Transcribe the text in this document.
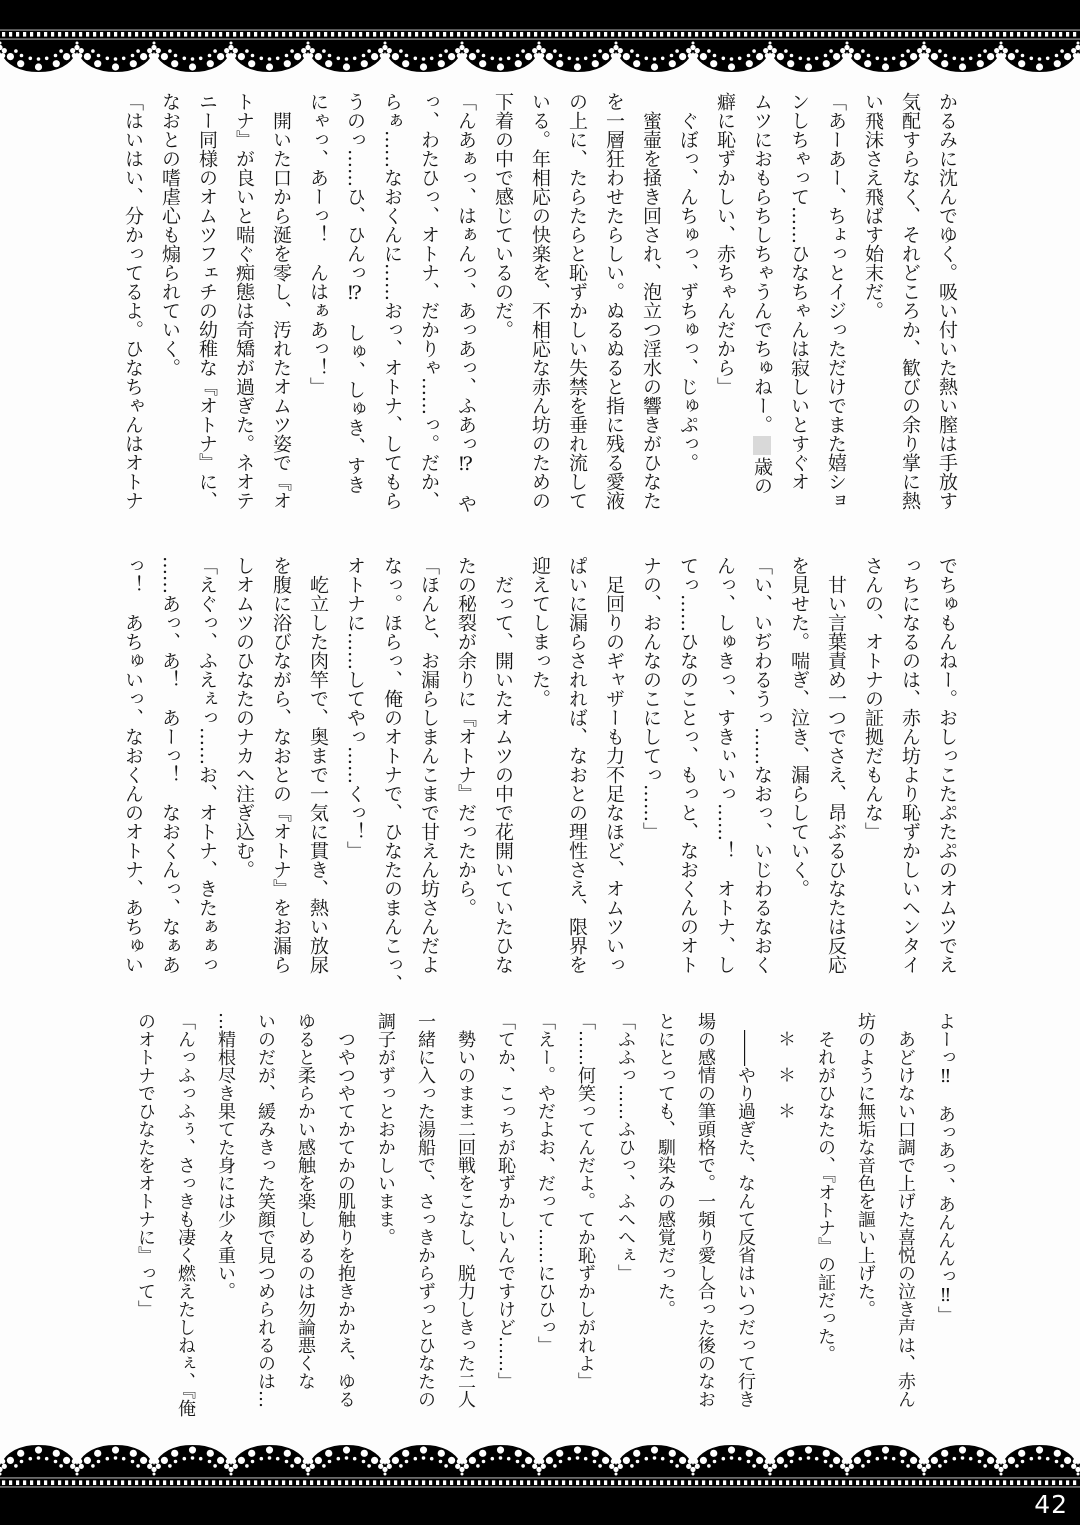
かるみに沈んでゆく。吸い付いた熱い膣は手放す

気配すらなく、それどころか、歓びの余り掌に熱

い飛沫さえ飛ばす始末だ。

「あーあー、ちょっとイジっただけでまた嬉ショ

ンしちゃって……ひなちゃんは寂しいとすぐオ

ムツにおもらちしちゃうんでちゅねー。歳の

癖に恥ずかしい、赤ちゃんだから」

　ぐぼっ、んちゅっ、ずちゅっ、じゅぷっ。

　蜜壷を掻き回され、泡立つ淫水の響きがひなた

を一層狂わせたらしい。ぬるぬると指に残る愛液

の上に、たらたらと恥ずかしい失禁を垂れ流して

いる。年相応の快楽を、不相応な赤ん坊のための

下着の中で感じているのだ。

「んあぁっ、はぁんっ、あっあっ、ふあっ⁉　や

っ、わたひっ、オトナ、だかりゃ……っ。だか、

らぁ……なおくんに……おっ、オトナ、してもら

うのっ……ひ、ひんっ⁉　しゅ、しゅき、すき

にゃっ、あーっ！　んはぁあっ！」

　開いた口から涎を零し、汚れたオムツ姿で『オ

トナ』が良いと喘ぐ痴態は奇矯が過ぎた。ネオテ

ニー同様のオムツフェチの幼稚な『オトナ』に、

なおとの嗜虐心も煽られていく。

「はいはい、分かってるよ。ひなちゃんはオトナ

でちゅもんねー。おしっこたぷたぷのオムツでえ

っちになるのは、赤ん坊より恥ずかしいヘンタイ

さんの、オトナの証拠だもんな」

　甘い言葉責め一つでさえ、昂ぶるひなたは反応

を見せた。喘ぎ、泣き、漏らしていく。

「い、いぢわるうっ……なおっ、いじわるなおく

んっ、しゅきっ、すきぃいっ……！　オトナ、し

てっ……ひなのことっ、もっと、なおくんのオト

ナの、おんなのこにしてっ……」

　足回りのギャザーも力不足なほど、オムツいっ

ぱいに漏らされれば、なおとの理性さえ、限界を

迎えてしまった。

　だって、開いたオムツの中で花開いていたひな

たの秘裂が余りに『オトナ』だったから。

「ほんと、お漏らしまんこまで甘えん坊さんだよ

なっ。ほらっ、俺のオトナで、ひなたのまんこっ、

オトナに……してやっ……くっ！」

　屹立した肉竿で、奥まで一気に貫き、熱い放尿

を腹に浴びながら、なおとの『オトナ』をお漏ら

しオムツのひなたのナカへ注ぎ込む。

「えぐっ、ふえぇっ……お、オトナ、きたぁぁっ

……あっ、あ！　あーっ！　なおくんっ、なぁあ

っ！　あちゅいっ、なおくんのオトナ、あちゅい

よーっ‼　あっあっ、あんんんっ‼」

　あどけない口調で上げた喜悦の泣き声は、赤ん

坊のように無垢な音色を謳い上げた。

　それがひなたの、『オトナ』の証だった。

　＊　＊　＊

　――やり過ぎた、なんて反省はいつだって行き

場の感情の筆頭格で。一頻り愛し合った後のなお

とにとっても、馴染みの感覚だった。

「ふふっ……ふひっ、ふへへぇ」

「……何笑ってんだよ。てか恥ずかしがれよ」

「えー。やだよお、だって……にひひっ」

「てか、こっちが恥ずかしいんですけど……」

　勢いのまま二回戦をこなし、脱力しきった二人

一緒に入った湯船で、さっきからずっとひなたの

調子がずっとおかしいまま。

　つやつやてかてかの肌触りを抱きかかえ、ゆる

ゆると柔らかい感触を楽しめるのは勿論悪くな

いのだが、緩みきった笑顔で見つめられるのは…

…精根尽き果てた身には少々重い。

「んっふっふぅ、さっきも凄く燃えたしねぇ、『俺

のオトナでひなたをオトナに』って」

42
